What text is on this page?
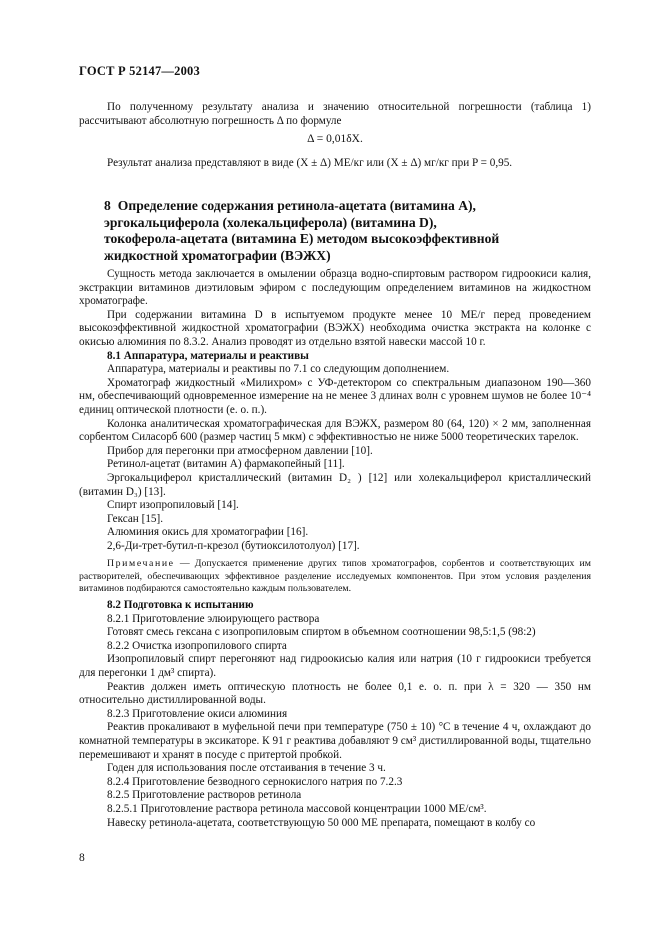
ГОСТ Р 52147—2003

По полученному результату анализа и значению относительной погрешности (таблица 1) рассчитывают абсолютную погрешность Δ по формуле

Δ = 0,01δX.

Результат анализа представляют в виде (X ± Δ) МЕ/кг или (X ± Δ) мг/кг при P = 0,95.

8 Определение содержания ретинола-ацетата (витамина А),
эргокальциферола (холекальциферола) (витамина D),
токоферола-ацетата (витамина Е) методом высокоэффективной
жидкостной хроматографии (ВЭЖХ)

Сущность метода заключается в омылении образца водно-спиртовым раствором гидроокиси калия, экстракции витаминов диэтиловым эфиром с последующим определением витаминов на жидкостном хроматографе.

При содержании витамина D в испытуемом продукте менее 10 МЕ/г перед проведением высокоэффективной жидкостной хроматографии (ВЭЖХ) необходима очистка экстракта на колонке с окисью алюминия по 8.3.2. Анализ проводят из отдельно взятой навески массой 10 г.

8.1 Аппаратура, материалы и реактивы

Аппаратура, материалы и реактивы по 7.1 со следующим дополнением.

Хроматограф жидкостный «Милихром» с УФ-детектором со спектральным диапазоном 190—360 нм, обеспечивающий одновременное измерение на не менее 3 длинах волн с уровнем шумов не более 10⁻⁴ единиц оптической плотности (е. о. п.).

Колонка аналитическая хроматографическая для ВЭЖХ, размером 80 (64, 120) × 2 мм, заполненная сорбентом Силасорб 600 (размер частиц 5 мкм) с эффективностью не ниже 5000 теоретических тарелок.

Прибор для перегонки при атмосферном давлении [10].

Ретинол-ацетат (витамин А) фармакопейный [11].

Эргокальциферол кристаллический (витамин D₂ ) [12] или холекальциферол кристаллический (витамин D₃) [13].

Спирт изопропиловый [14].

Гексан [15].

Алюминия окись для хроматографии [16].

2,6-Ди-трет-бутил-п-крезол (бутиоксилотолуол) [17].

Примечание — Допускается применение других типов хроматографов, сорбентов и соответствующих им растворителей, обеспечивающих эффективное разделение исследуемых компонентов. При этом условия разделения витаминов подбираются самостоятельно каждым пользователем.

8.2 Подготовка к испытанию

8.2.1 Приготовление элюирующего раствора

Готовят смесь гексана с изопропиловым спиртом в объемном соотношении 98,5:1,5 (98:2)

8.2.2 Очистка изопропилового спирта

Изопропиловый спирт перегоняют над гидроокисью калия или натрия (10 г гидроокиси требуется для перегонки 1 дм³ спирта).

Реактив должен иметь оптическую плотность не более 0,1 е. о. п. при λ = 320 — 350 нм относительно дистиллированной воды.

8.2.3 Приготовление окиси алюминия

Реактив прокаливают в муфельной печи при температуре (750 ± 10) °С в течение 4 ч, охлаждают до комнатной температуры в эксикаторе. К 91 г реактива добавляют 9 см³ дистиллированной воды, тщательно перемешивают и хранят в посуде с притертой пробкой.

Годен для использования после отстаивания в течение 3 ч.

8.2.4 Приготовление безводного сернокислого натрия по 7.2.3

8.2.5 Приготовление растворов ретинола

8.2.5.1 Приготовление раствора ретинола массовой концентрации 1000 МЕ/см³.

Навеску ретинола-ацетата, соответствующую 50 000 МЕ препарата, помещают в колбу со

8
